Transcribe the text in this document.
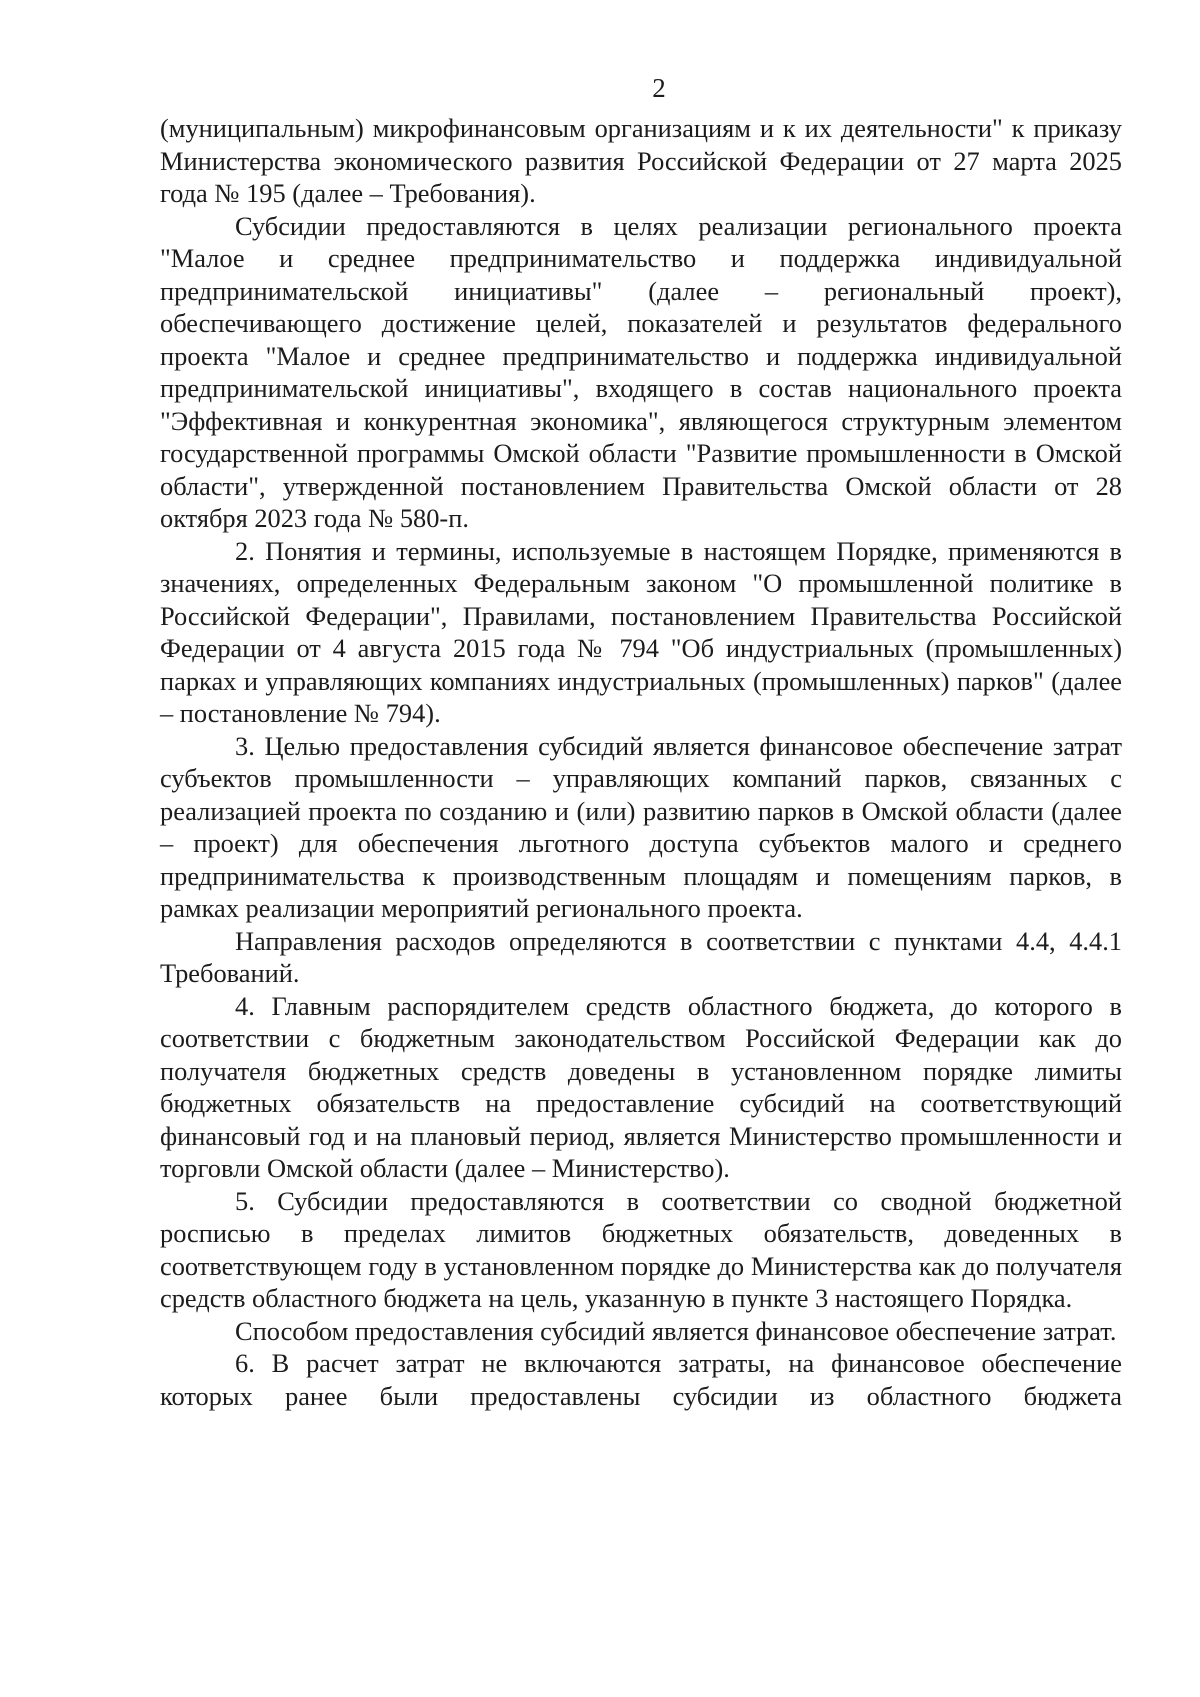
2

(муниципальным) микрофинансовым организациям и к их деятельности" к приказу Министерства экономического развития Российской Федерации от 27 марта 2025 года № 195 (далее – Требования).

Субсидии предоставляются в целях реализации регионального проекта "Малое и среднее предпринимательство и поддержка индивидуальной предпринимательской инициативы" (далее – региональный проект), обеспечивающего достижение целей, показателей и результатов федерального проекта "Малое и среднее предпринимательство и поддержка индивидуальной предпринимательской инициативы", входящего в состав национального проекта "Эффективная и конкурентная экономика", являющегося структурным элементом государственной программы Омской области "Развитие промышленности в Омской области", утвержденной постановлением Правительства Омской области от 28 октября 2023 года № 580-п.

2. Понятия и термины, используемые в настоящем Порядке, применяются в значениях, определенных Федеральным законом "О промышленной политике в Российской Федерации", Правилами, постановлением Правительства Российской Федерации от 4 августа 2015 года № 794 "Об индустриальных (промышленных) парках и управляющих компаниях индустриальных (промышленных) парков" (далее – постановление № 794).

3. Целью предоставления субсидий является финансовое обеспечение затрат субъектов промышленности – управляющих компаний парков, связанных с реализацией проекта по созданию и (или) развитию парков в Омской области (далее – проект) для обеспечения льготного доступа субъектов малого и среднего предпринимательства к производственным площадям и помещениям парков, в рамках реализации мероприятий регионального проекта.

Направления расходов определяются в соответствии с пунктами 4.4, 4.4.1 Требований.

4. Главным распорядителем средств областного бюджета, до которого в соответствии с бюджетным законодательством Российской Федерации как до получателя бюджетных средств доведены в установленном порядке лимиты бюджетных обязательств на предоставление субсидий на соответствующий финансовый год и на плановый период, является Министерство промышленности и торговли Омской области (далее – Министерство).

5. Субсидии предоставляются в соответствии со сводной бюджетной росписью в пределах лимитов бюджетных обязательств, доведенных в соответствующем году в установленном порядке до Министерства как до получателя средств областного бюджета на цель, указанную в пункте 3 настоящего Порядка.

Способом предоставления субсидий является финансовое обеспечение затрат.

6. В расчет затрат не включаются затраты, на финансовое обеспечение которых ранее были предоставлены субсидии из областного бюджета
